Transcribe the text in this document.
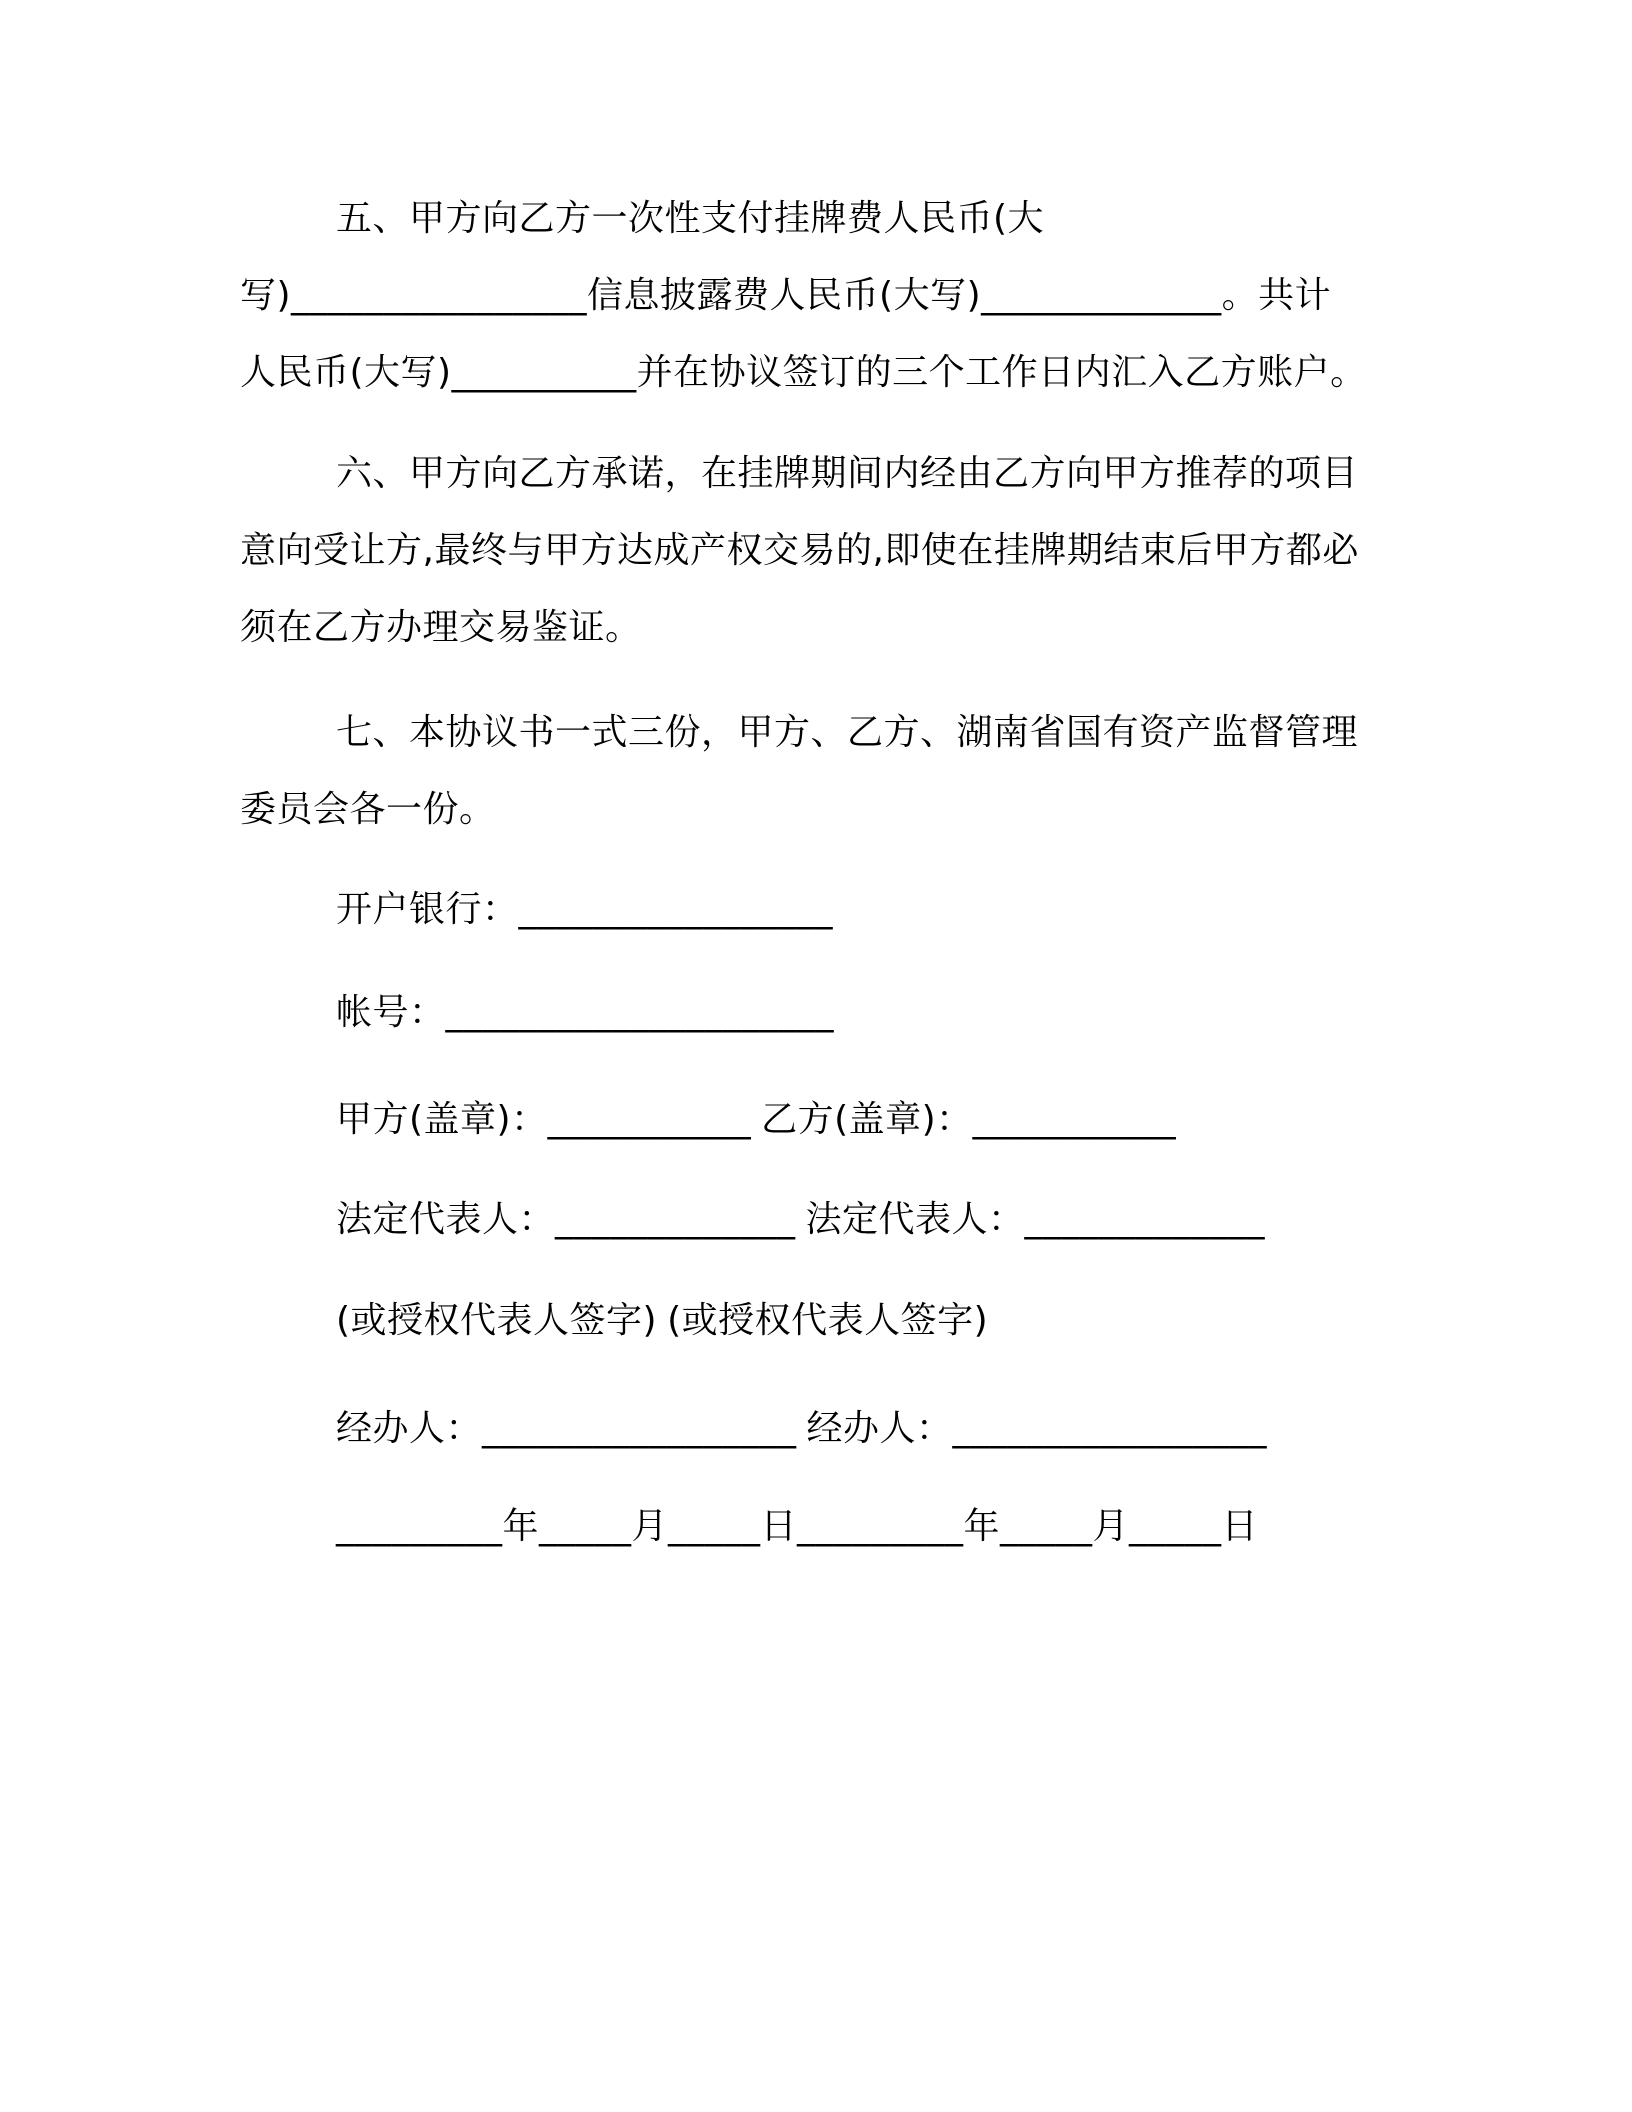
五、甲方向乙方一次性支付挂牌费人民币(大
写)________________信息披露费人民币(大写)_____________。共计
人民币(大写)__________并在协议签订的三个工作日内汇入乙方账户。
六、甲方向乙方承诺，在挂牌期间内经由乙方向甲方推荐的项目
意向受让方,最终与甲方达成产权交易的,即使在挂牌期结束后甲方都必
须在乙方办理交易鉴证。
七、本协议书一式三份，甲方、乙方、湖南省国有资产监督管理
委员会各一份。
开户银行：_________________
帐号：_____________________
甲方(盖章)：___________ 乙方(盖章)：___________
法定代表人：_____________ 法定代表人：_____________
(或授权代表人签字) (或授权代表人签字)
经办人：_________________ 经办人：_________________
_________年_____月_____日_________年_____月_____日
